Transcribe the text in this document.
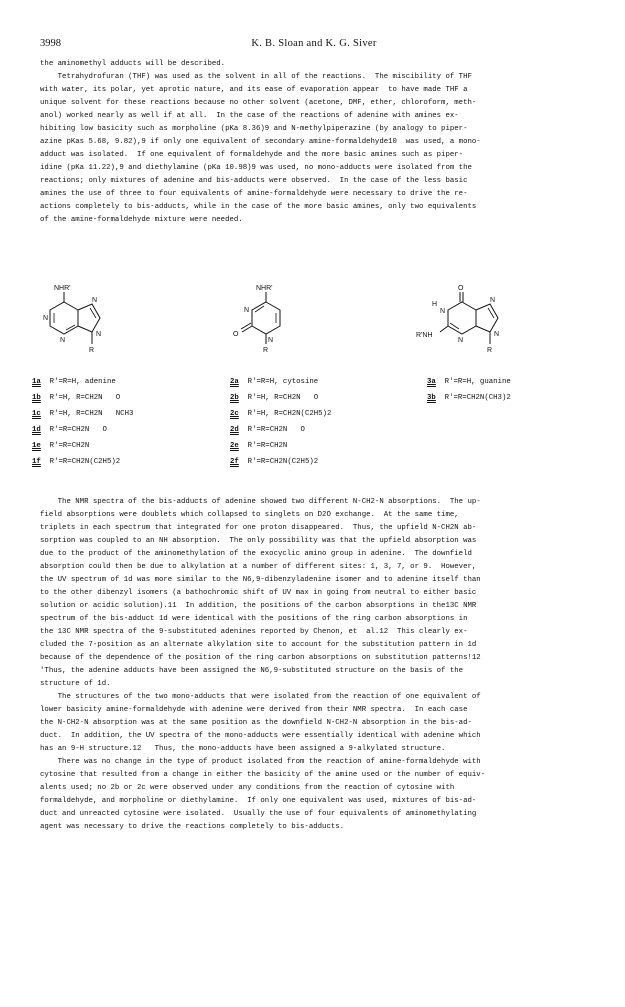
3998	K. B. Sloan and K. G. Siver
the aminomethyl adducts will be described.
Tetrahydrofuran (THF) was used as the solvent in all of the reactions.  The miscibility of THF
with water, its polar, yet aprotic nature, and its ease of evaporation appear  to have made THF a
unique solvent for these reactions because no other solvent (acetone, DMF, ether, chloroform, meth-
anol) worked nearly as well if at all.  In the case of the reactions of adenine with amines ex-
hibiting low basicity such as morpholine (pKa 8.36)9 and N-methylpiperazine (by analogy to piper-
azine pKas 5.68, 9.82),9 if only one equivalent of secondary amine-formaldehyde10  was used, a mono-
adduct was isolated.  If one equivalent of formaldehyde and the more basic amines such as piper-
idine (pKa 11.22),9 and diethylamine (pKa 10.98)9 was used, no mono-adducts were isolated from the
reactions; only mixtures of adenine and bis-adducts were observed.  In the case of the less basic
amines the use of three to four equivalents of amine-formaldehyde were necessary to drive the re-
actions completely to bis-adducts, while in the case of the more basic amines, only two equivalents
of the amine-formaldehyde mixture were needed.
NHR'
N
N
N
N
R
NHR'
N
N
O
R
O
H
N
R'NH
N
N
N
R
1a R'=R=H, adenine
1b R'=H, R=CH2N   O
1c R'=H, R=CH2N   NCH3
1d R'=R=CH2N   O
1e R'=R=CH2N
1f R'=R=CH2N(C2H5)2
2a R'=R=H, cytosine
2b R'=H, R=CH2N   O
2c R'=H, R=CH2N(C2H5)2
2d R'=R=CH2N   O
2e R'=R=CH2N
2f R'=R=CH2N(C2H5)2
3a R'=R=H, guanine
3b R'=R=CH2N(CH3)2
The NMR spectra of the bis-adducts of adenine showed two different N-CH2-N absorptions.  The up-
field absorptions were doublets which collapsed to singlets on D2O exchange.  At the same time,
triplets in each spectrum that integrated for one proton disappeared.  Thus, the upfield N-CH2N ab-
sorption was coupled to an NH absorption.  The only possibility was that the upfield absorption was
due to the product of the aminomethylation of the exocyclic amino group in adenine.  The downfield
absorption could then be due to alkylation at a number of different sites: 1, 3, 7, or 9.  However,
the UV spectrum of 1d was more similar to the N6,9-dibenzyladenine isomer and to adenine itself than
to the other dibenzyl isomers (a bathochromic shift of UV max in going from neutral to either basic
solution or acidic solution).11  In addition, the positions of the carbon absorptions in the13C NMR
spectrum of the bis-adduct 1d were identical with the positions of the ring carbon absorptions in
the 13C NMR spectra of the 9-substituted adenines reported by Chenon, et  al.12  This clearly ex-
cluded the 7-position as an alternate alkylation site to account for the substitution pattern in 1d
because of the dependence of the position of the ring carbon absorptions on substitution patterns!12
'Thus, the adenine adducts have been assigned the N6,9-substituted structure on the basis of the
structure of 1d.
The structures of the two mono-adducts that were isolated from the reaction of one equivalent of
lower basicity amine-formaldehyde with adenine were derived from their NMR spectra.  In each case
the N-CH2-N absorption was at the same position as the downfield N-CH2-N absorption in the bis-ad-
duct.  In addition, the UV spectra of the mono-adducts were essentially identical with adenine which
has an 9-H structure.12   Thus, the mono-adducts have been assigned a 9-alkylated structure.
There was no change in the type of product isolated from the reaction of amine-formaldehyde with
cytosine that resulted from a change in either the basicity of the amine used or the number of equiv-
alents used; no 2b or 2c were observed under any conditions from the reaction of cytosine with
formaldehyde, and morpholine or diethylamine.  If only one equivalent was used, mixtures of bis-ad-
duct and unreacted cytosine were isolated.  Usually the use of four equivalents of aminomethylating
agent was necessary to drive the reactions completely to bis-adducts.
